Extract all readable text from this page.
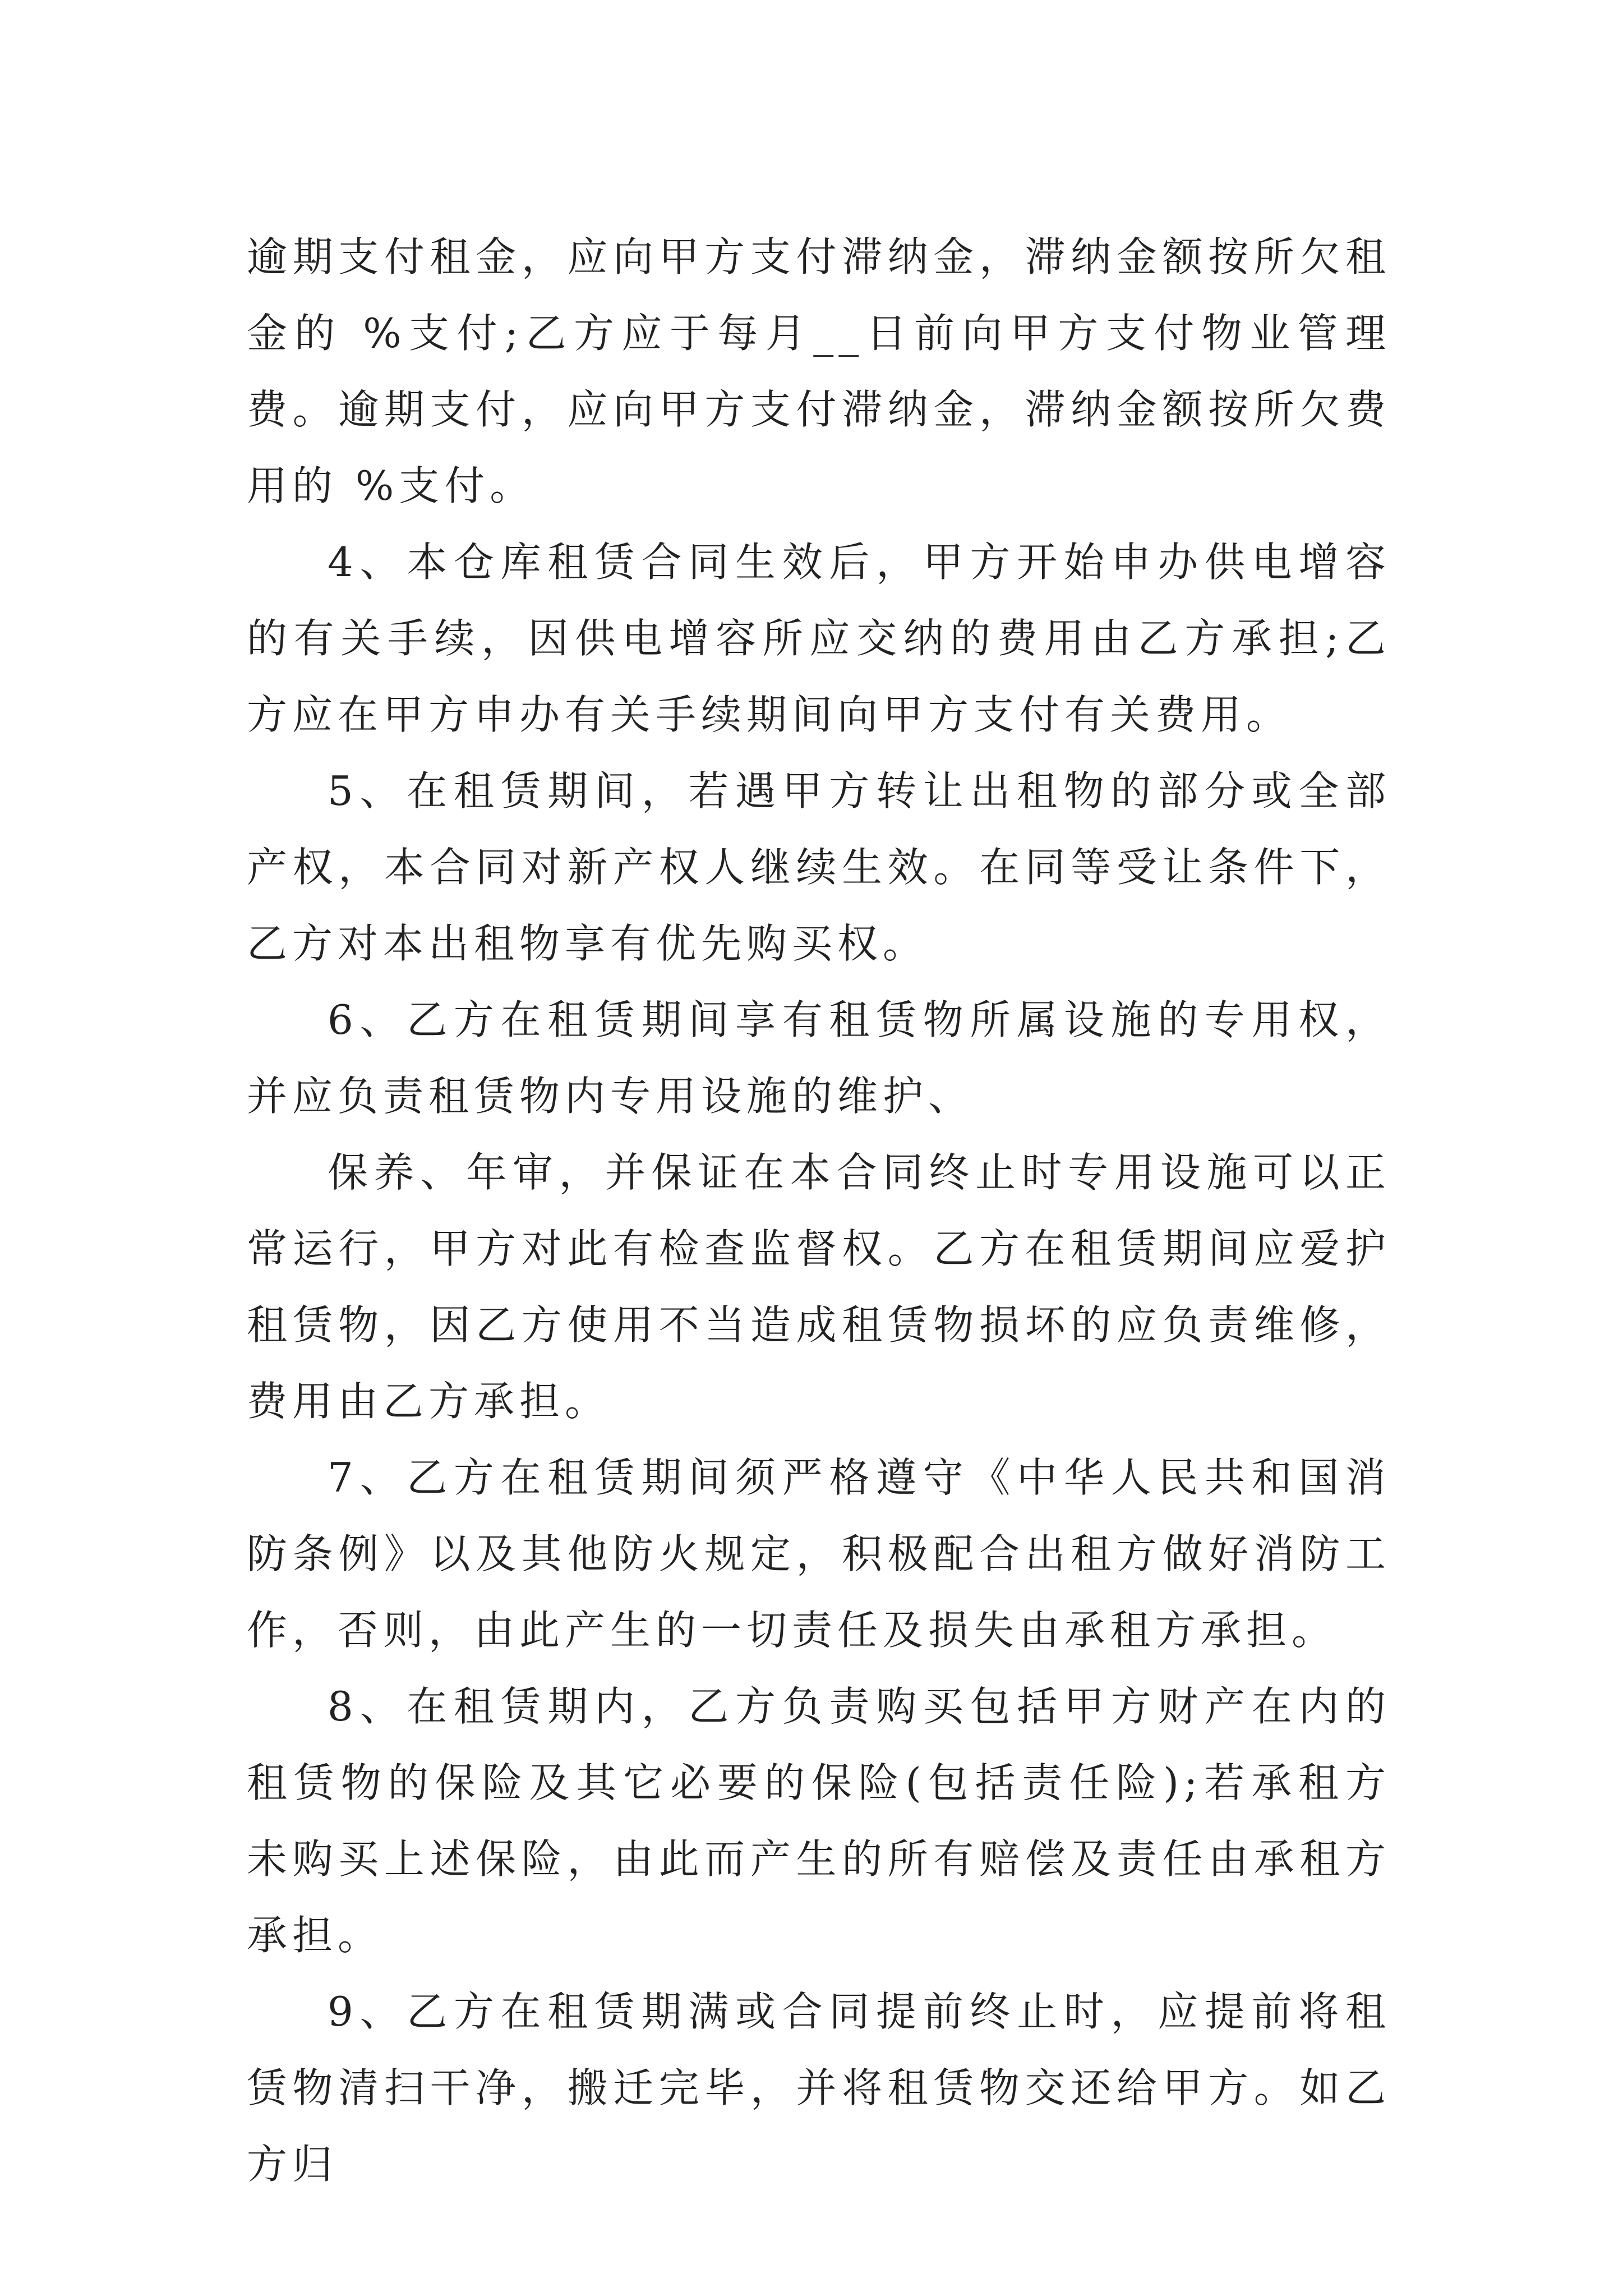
逾期支付租金，应向甲方支付滞纳金，滞纳金额按所欠租金的 %支付;乙方应于每月__日前向甲方支付物业管理费。逾期支付，应向甲方支付滞纳金，滞纳金额按所欠费用的 %支付。

4、本仓库租赁合同生效后，甲方开始申办供电增容的有关手续，因供电增容所应交纳的费用由乙方承担;乙方应在甲方申办有关手续期间向甲方支付有关费用。

5、在租赁期间，若遇甲方转让出租物的部分或全部产权，本合同对新产权人继续生效。在同等受让条件下，乙方对本出租物享有优先购买权。

6、乙方在租赁期间享有租赁物所属设施的专用权，并应负责租赁物内专用设施的维护、

保养、年审，并保证在本合同终止时专用设施可以正常运行，甲方对此有检查监督权。乙方在租赁期间应爱护租赁物，因乙方使用不当造成租赁物损坏的应负责维修，费用由乙方承担。

7、乙方在租赁期间须严格遵守《中华人民共和国消防条例》以及其他防火规定，积极配合出租方做好消防工作，否则，由此产生的一切责任及损失由承租方承担。

8、在租赁期内，乙方负责购买包括甲方财产在内的租赁物的保险及其它必要的保险(包括责任险);若承租方未购买上述保险，由此而产生的所有赔偿及责任由承租方承担。

9、乙方在租赁期满或合同提前终止时，应提前将租赁物清扫干净，搬迁完毕，并将租赁物交还给甲方。如乙方归
